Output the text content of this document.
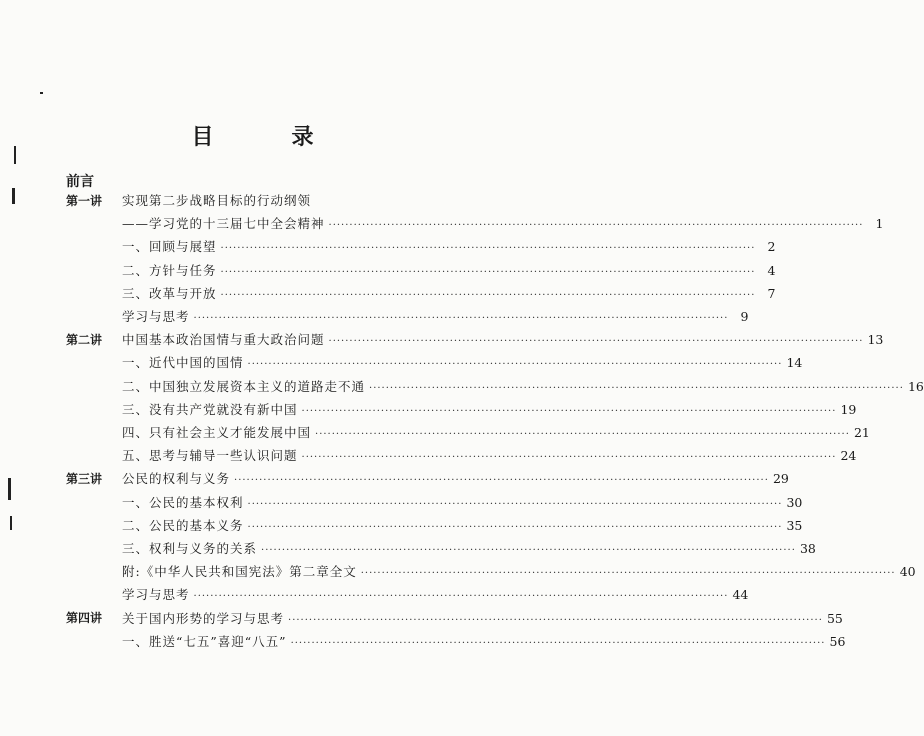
目　录
前言
第一讲	实现第二步战略目标的行动纲领
——学习党的十三届七中全会精神 ·····	1
一、回顾与展望 ·····	2
二、方针与任务 ·····	4
三、改革与开放 ·····	7
学习与思考 ·····	9
第二讲	中国基本政治国情与重大政治问题 ·····	13
一、近代中国的国情 ·····	14
二、中国独立发展资本主义的道路走不通 ·····	16
三、没有共产党就没有新中国 ·····	19
四、只有社会主义才能发展中国 ·····	21
五、思考与辅导一些认识问题 ·····	24
第三讲	公民的权利与义务 ·····	29
一、公民的基本权利 ·····	30
二、公民的基本义务 ·····	35
三、权利与义务的关系 ·····	38
附:《中华人民共和国宪法》第二章全文 ·····	40
学习与思考 ·····	44
第四讲	关于国内形势的学习与思考 ·····	55
一、胜送“七五”喜迎“八五” ·····	56
